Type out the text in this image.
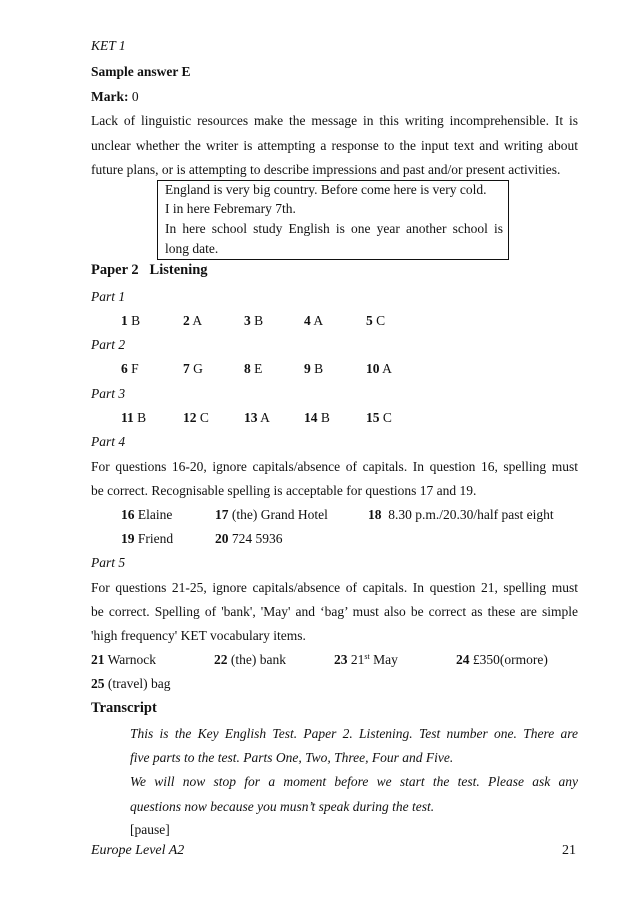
KET 1
Sample answer E
Mark: 0
Lack of linguistic resources make the message in this writing incomprehensible. It is
unclear whether the writer is attempting a response to the input text and writing about
future plans, or is attempting to describe impressions and past and/or present activities.
England is very big country. Before come here is very cold.
I in here Febremary 7th.
In here school study English is one year another school is
long date.
Paper 2   Listening
Part 1
1 B	2 A	3 B	4 A	5 C
Part 2
6 F	7 G	8 E	9 B	10 A
Part 3
11 B	12 C	13 A	14 B	15 C
Part 4
For questions 16-20, ignore capitals/absence of capitals. In question 16, spelling must
be correct. Recognisable spelling is acceptable for questions 17 and 19.
16 Elaine	17 (the) Grand Hotel	18  8.30 p.m./20.30/half past eight
19 Friend	20 724 5936
Part 5
For questions 21-25, ignore capitals/absence of capitals. In question 21, spelling must
be correct. Spelling of 'bank', 'May' and ‘bag’ must also be correct as these are simple
'high frequency' KET vocabulary items.
21 Warnock	22 (the) bank	23 21st May	24 £350(ormore)
25 (travel) bag
Transcript
This is the Key English Test. Paper 2. Listening. Test number one. There are
five parts to the test. Parts One, Two, Three, Four and Five.
We will now stop for a moment before we start the test. Please ask any
questions now because you musn’t speak during the test.
[pause]
Europe Level A2	21
